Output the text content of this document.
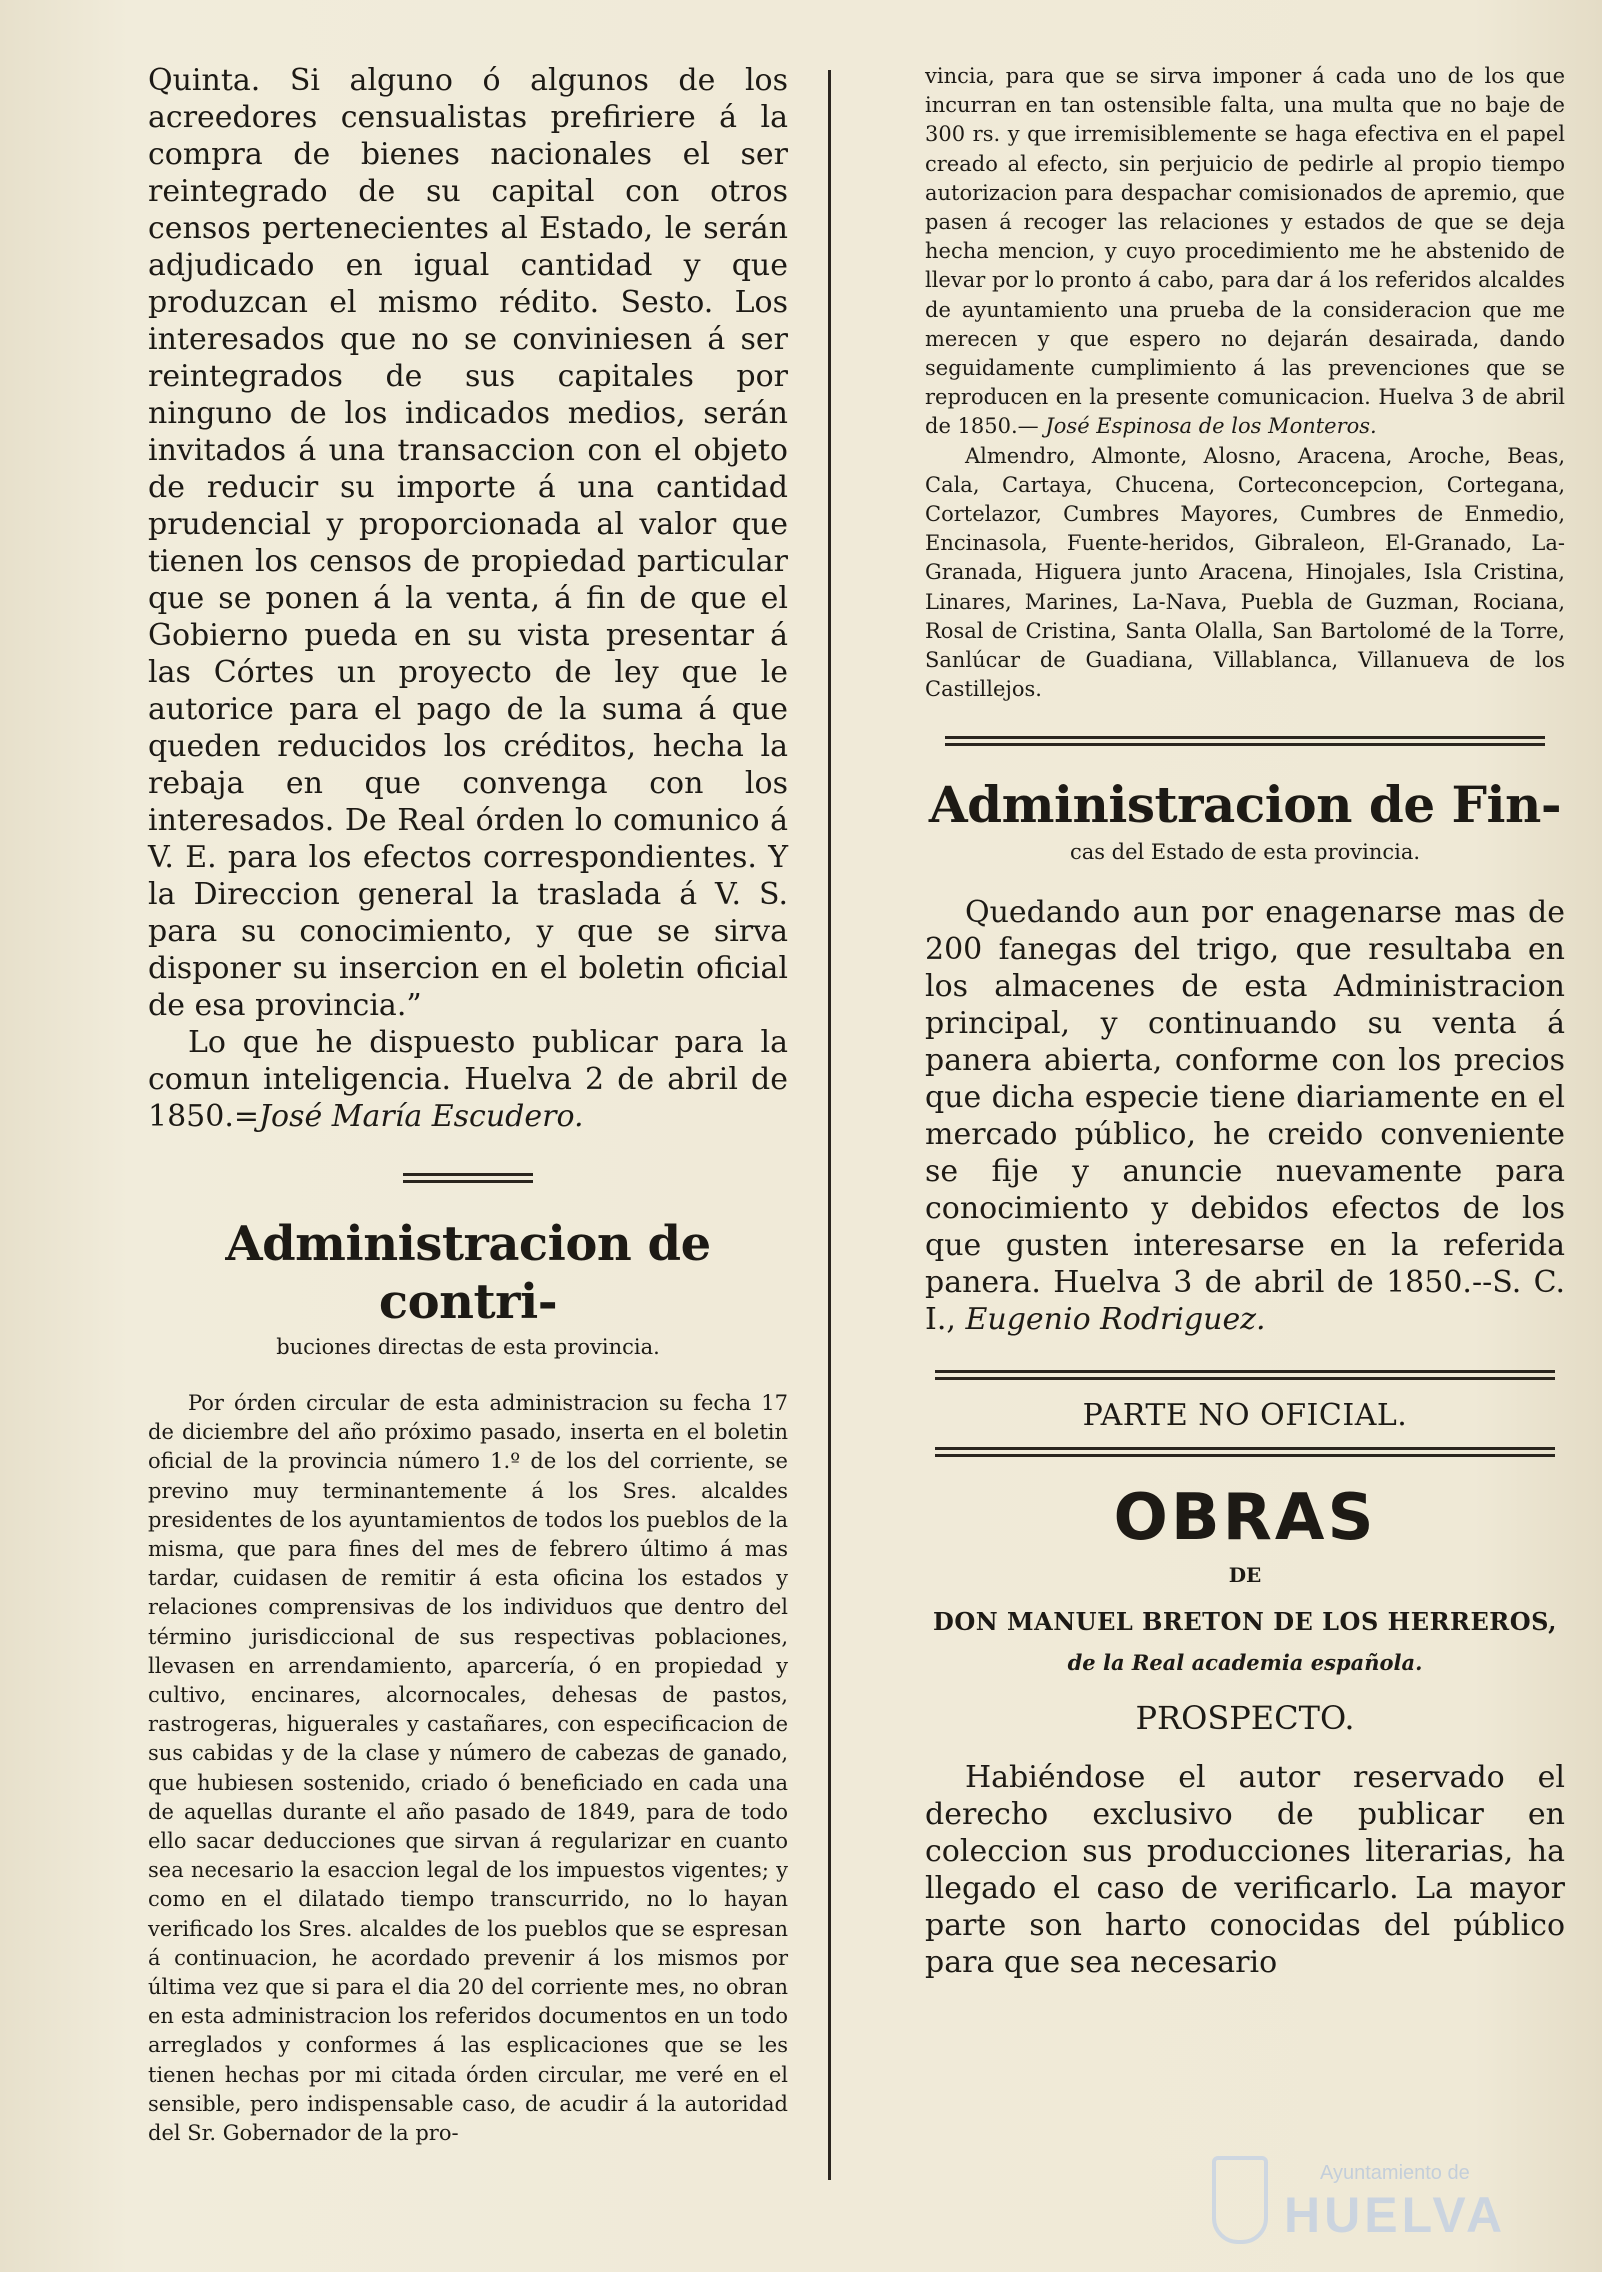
Quinta. Si alguno ó algunos de los acreedores censualistas prefiriere á la compra de bienes nacionales el ser reintegrado de su capital con otros censos pertenecientes al Estado, le serán adjudicado en igual cantidad y que produzcan el mismo rédito. Sesto. Los interesados que no se conviniesen á ser reintegrados de sus capitales por ninguno de los indicados medios, serán invitados á una transaccion con el objeto de reducir su importe á una cantidad prudencial y proporcionada al valor que tienen los censos de propiedad particular que se ponen á la venta, á fin de que el Gobierno pueda en su vista presentar á las Córtes un proyecto de ley que le autorice para el pago de la suma á que queden reducidos los créditos, hecha la rebaja en que convenga con los interesados. De Real órden lo comunico á V. E. para los efectos correspondientes. Y la Direccion general la traslada á V. S. para su conocimiento, y que se sirva disponer su insercion en el boletin oficial de esa provincia.”

Lo que he dispuesto publicar para la comun inteligencia. Huelva 2 de abril de 1850.=José María Escudero.

Administracion de contri-

buciones directas de esta provincia.

Por órden circular de esta administracion su fecha 17 de diciembre del año próximo pasado, inserta en el boletin oficial de la provincia número 1.º de los del corriente, se previno muy terminantemente á los Sres. alcaldes presidentes de los ayuntamientos de todos los pueblos de la misma, que para fines del mes de febrero último á mas tardar, cuidasen de remitir á esta oficina los estados y relaciones comprensivas de los individuos que dentro del término jurisdiccional de sus respectivas poblaciones, llevasen en arrendamiento, aparcería, ó en propiedad y cultivo, encinares, alcornocales, dehesas de pastos, rastrogeras, higuerales y castañares, con especificacion de sus cabidas y de la clase y número de cabezas de ganado, que hubiesen sostenido, criado ó beneficiado en cada una de aquellas durante el año pasado de 1849, para de todo ello sacar deducciones que sirvan á regularizar en cuanto sea necesario la esaccion legal de los impuestos vigentes; y como en el dilatado tiempo transcurrido, no lo hayan verificado los Sres. alcaldes de los pueblos que se espresan á continuacion, he acordado prevenir á los mismos por última vez que si para el dia 20 del corriente mes, no obran en esta administracion los referidos documentos en un todo arreglados y conformes á las esplicaciones que se les tienen hechas por mi citada órden circular, me veré en el sensible, pero indispensable caso, de acudir á la autoridad del Sr. Gobernador de la pro-

vincia, para que se sirva imponer á cada uno de los que incurran en tan ostensible falta, una multa que no baje de 300 rs. y que irremisiblemente se haga efectiva en el papel creado al efecto, sin perjuicio de pedirle al propio tiempo autorizacion para despachar comisionados de apremio, que pasen á recoger las relaciones y estados de que se deja hecha mencion, y cuyo procedimiento me he abstenido de llevar por lo pronto á cabo, para dar á los referidos alcaldes de ayuntamiento una prueba de la consideracion que me merecen y que espero no dejarán desairada, dando seguidamente cumplimiento á las prevenciones que se reproducen en la presente comunicacion. Huelva 3 de abril de 1850.— José Espinosa de los Monteros.

Almendro, Almonte, Alosno, Aracena, Aroche, Beas, Cala, Cartaya, Chucena, Corteconcepcion, Cortegana, Cortelazor, Cumbres Mayores, Cumbres de Enmedio, Encinasola, Fuente-heridos, Gibraleon, El-Granado, La-Granada, Higuera junto Aracena, Hinojales, Isla Cristina, Linares, Marines, La-Nava, Puebla de Guzman, Rociana, Rosal de Cristina, Santa Olalla, San Bartolomé de la Torre, Sanlúcar de Guadiana, Villablanca, Villanueva de los Castillejos.

Administracion de Fin-

cas del Estado de esta provincia.

Quedando aun por enagenarse mas de 200 fanegas del trigo, que resultaba en los almacenes de esta Administracion principal, y continuando su venta á panera abierta, conforme con los precios que dicha especie tiene diariamente en el mercado público, he creido conveniente se fije y anuncie nuevamente para conocimiento y debidos efectos de los que gusten interesarse en la referida panera. Huelva 3 de abril de 1850.--S. C. I., Eugenio Rodriguez.

PARTE NO OFICIAL.

OBRAS

DE

DON MANUEL BRETON DE LOS HERREROS,

de la Real academia española.

PROSPECTO.

Habiéndose el autor reservado el derecho exclusivo de publicar en coleccion sus producciones literarias, ha llegado el caso de verificarlo. La mayor parte son harto conocidas del público para que sea necesario

Ayuntamiento de
HUELVA
